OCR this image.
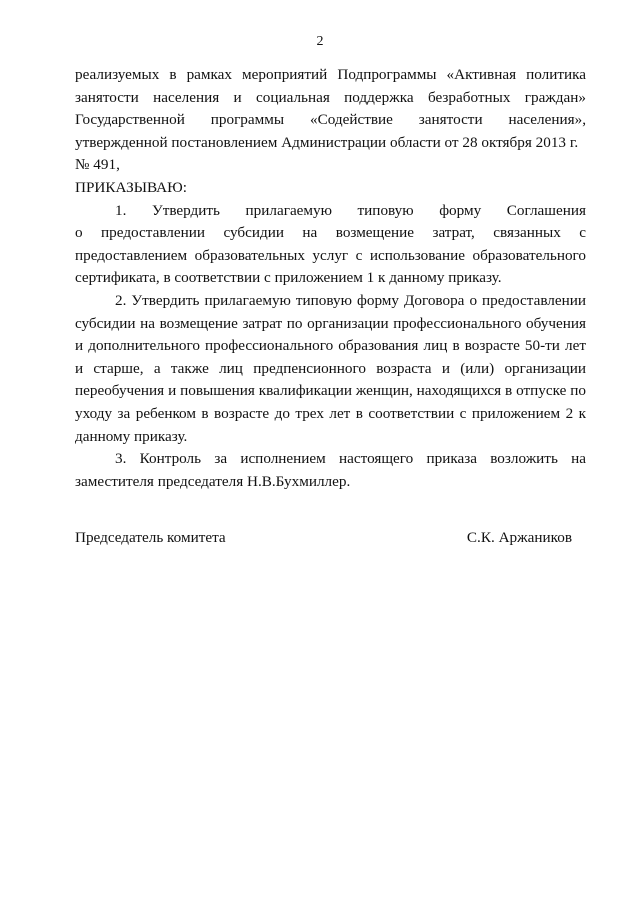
2

реализуемых в рамках мероприятий Подпрограммы «Активная политика занятости населения и социальная поддержка безработных граждан» Государственной программы «Содействие занятости населения», утвержденной постановлением Администрации области от 28 октября 2013 г.
№ 491,

ПРИКАЗЫВАЮ:

1. Утвердить прилагаемую типовую форму Соглашения

о предоставлении субсидии на возмещение затрат, связанных с предоставлением образовательных услуг с использование образовательного сертификата, в соответствии с приложением 1 к данному приказу.

2. Утвердить прилагаемую типовую форму Договора о предоставлении субсидии на возмещение затрат по организации профессионального обучения и дополнительного профессионального образования лиц в возрасте 50-ти лет и старше, а также лиц предпенсионного возраста и (или) организации переобучения и повышения квалификации женщин, находящихся в отпуске по уходу за ребенком в возрасте до трех лет в соответствии с приложением 2 к данному приказу.

3. Контроль за исполнением настоящего приказа возложить на заместителя председателя Н.В.Бухмиллер.

Председатель комитета	С.К. Аржаников
